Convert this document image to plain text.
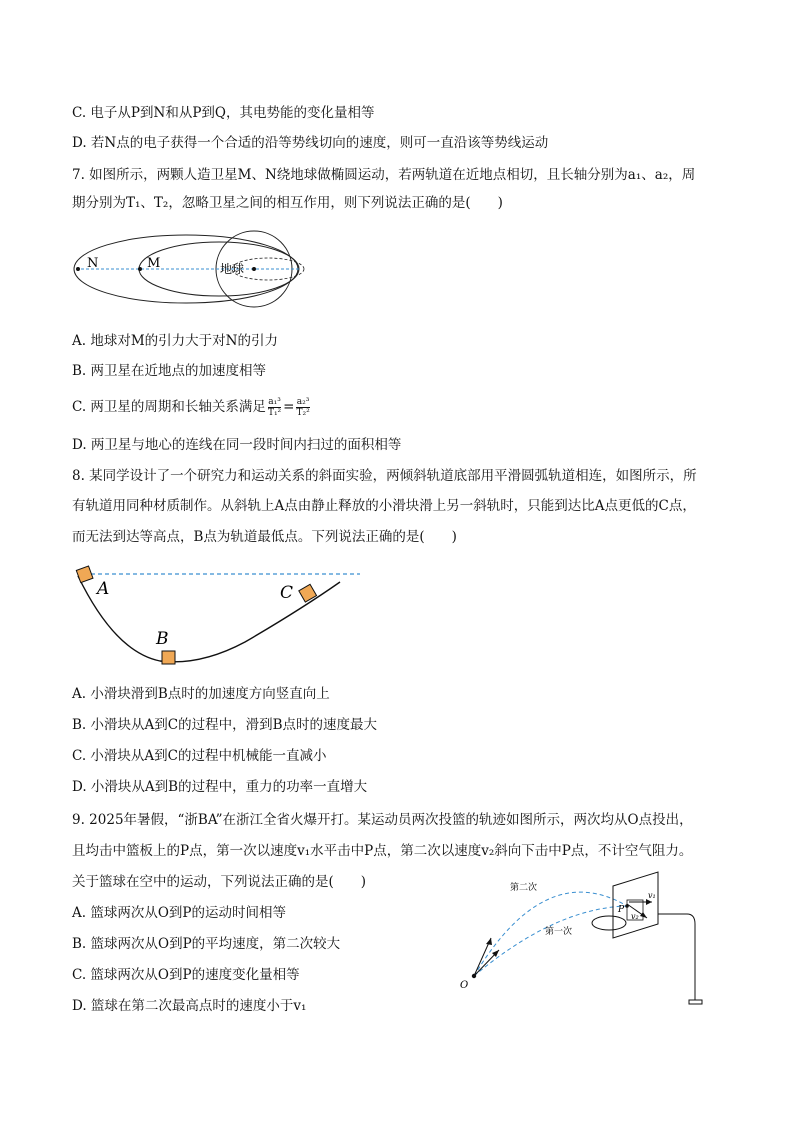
C. 电子从P到N和从P到Q，其电势能的变化量相等
D. 若N点的电子获得一个合适的沿等势线切向的速度，则可一直沿该等势线运动
7. 如图所示，两颗人造卫星M、N绕地球做椭圆运动，若两轨道在近地点相切，且长轴分别为a₁、a₂，周
期分别为T₁、T₂，忽略卫星之间的相互作用，则下列说法正确的是(　　)
N	M	地球
A. 地球对M的引力大于对N的引力
B. 两卫星在近地点的加速度相等
C. 两卫星的周期和长轴关系满足 $\frac{\text{a₁³}}{\text{T₁²}} = \frac{\text{a₂³}}{\text{T₂²}}$
D. 两卫星与地心的连线在同一段时间内扫过的面积相等
8. 某同学设计了一个研究力和运动关系的斜面实验，两倾斜轨道底部用平滑圆弧轨道相连，如图所示，所
有轨道用同种材质制作。从斜轨上A点由静止释放的小滑块滑上另一斜轨时，只能到达比A点更低的C点，
而无法到达等高点，B点为轨道最低点。下列说法正确的是(　　)
A
B
C
A. 小滑块滑到B点时的加速度方向竖直向上
B. 小滑块从A到C的过程中，滑到B点时的速度最大
C. 小滑块从A到C的过程中机械能一直减小
D. 小滑块从A到B的过程中，重力的功率一直增大
9. 2025年暑假，“浙BA”在浙江全省火爆开打。某运动员两次投篮的轨迹如图所示，两次均从O点投出，
且均击中篮板上的P点，第一次以速度v₁水平击中P点，第二次以速度v₂斜向下击中P点，不计空气阻力。
关于篮球在空中的运动，下列说法正确的是(　　)
A. 篮球两次从O到P的运动时间相等
B. 篮球两次从O到P的平均速度，第二次较大
C. 篮球两次从O到P的速度变化量相等
D. 篮球在第二次最高点时的速度小于v₁
O
P
v₁
v₂
第二次
第一次
